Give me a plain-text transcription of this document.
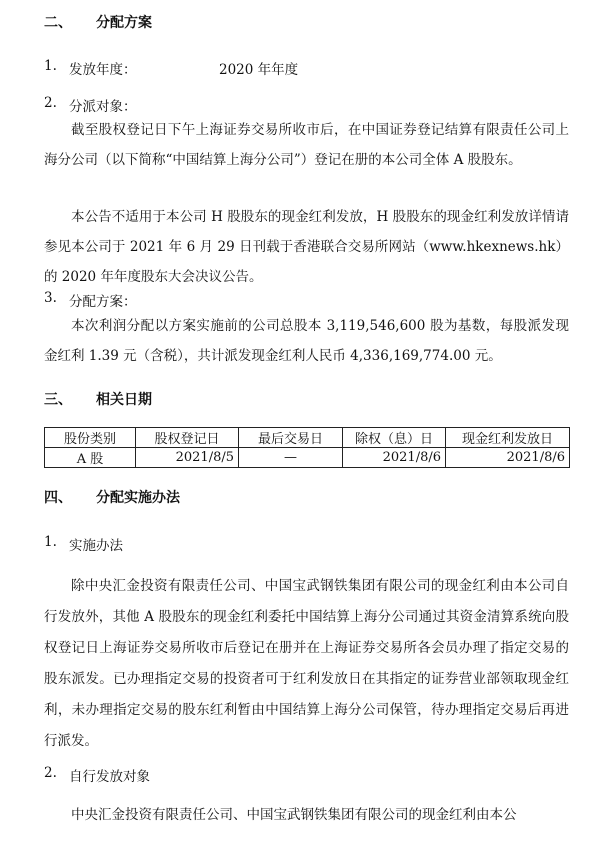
二、 分配方案
1. 发放年度：	2020 年年度
2. 分派对象：
截至股权登记日下午上海证券交易所收市后，在中国证券登记结算有限责任公司上海分公司（以下简称“中国结算上海分公司”）登记在册的本公司全体 A 股股东。
本公告不适用于本公司 H 股股东的现金红利发放，H 股股东的现金红利发放详情请参见本公司于 2021 年 6 月 29 日刊载于香港联合交易所网站（www.hkexnews.hk）的 2020 年年度股东大会决议公告。
3. 分配方案：
本次利润分配以方案实施前的公司总股本 3,119,546,600 股为基数，每股派发现金红利 1.39 元（含税），共计派发现金红利人民币 4,336,169,774.00 元。
三、 相关日期
股份类别	股权登记日	最后交易日	除权（息）日	现金红利发放日
A 股	2021/8/5	—	2021/8/6	2021/8/6
四、 分配实施办法
1. 实施办法
除中央汇金投资有限责任公司、中国宝武钢铁集团有限公司的现金红利由本公司自行发放外，其他 A 股股东的现金红利委托中国结算上海分公司通过其资金清算系统向股权登记日上海证券交易所收市后登记在册并在上海证券交易所各会员办理了指定交易的股东派发。已办理指定交易的投资者可于红利发放日在其指定的证券营业部领取现金红利，未办理指定交易的股东红利暂由中国结算上海分公司保管，待办理指定交易后再进行派发。
2. 自行发放对象
中央汇金投资有限责任公司、中国宝武钢铁集团有限公司的现金红利由本公
